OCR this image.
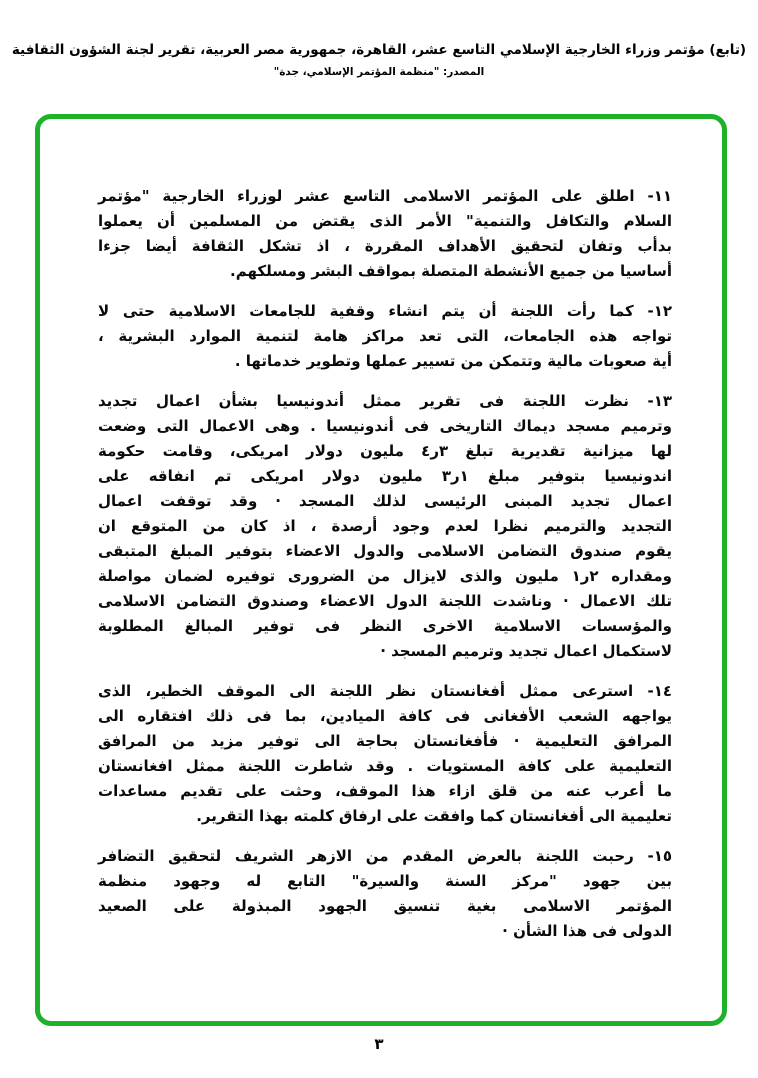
(تابع) مؤتمر وزراء الخارجية الإسلامي التاسع عشر، القاهرة، جمهورية مصر العربية، تقرير لجنة الشؤون الثقافية
المصدر: "منظمة المؤتمر الإسلامي، جدة"
١١- اطلق على المؤتمر الاسلامى التاسع عشر لوزراء الخارجية "مؤتمر
السلام والتكافل والتنمية" الأمر الذى يقتض من المسلمين أن يعملوا
بدأب وتفان لتحقيق الأهداف المقررة ، اذ تشكل الثقافة أيضا جزءا
أساسيا من جميع الأنشطة المتصلة بمواقف البشر ومسلكهم.
١٢- كما رأت اللجنة أن يتم انشاء وقفية للجامعات الاسلامية حتى لا
تواجه هذه الجامعات، التى تعد مراكز هامة لتنمية الموارد البشرية ،
أية صعوبات مالية وتتمكن من تسيير عملها وتطوير خدماتها .
١٣- نظرت اللجنة فى تقرير ممثل أندونيسيا بشأن اعمال تجديد
وترميم مسجد ديماك التاريخى فى أندونيسيا . وهى الاعمال التى وضعت
لها ميزانية تقديرية تبلغ ٣ر٤ مليون دولار امريكى، وقامت حكومة
اندونيسيا بتوفير مبلغ ١ر٣ مليون دولار امريكى تم انفاقه على
اعمال تجديد المبنى الرئيسى لذلك المسجد · وقد توقفت اعمال
التجديد والترميم نظرا لعدم وجود أرصدة ، اذ كان من المتوقع ان
يقوم صندوق التضامن الاسلامى والدول الاعضاء بتوفير المبلغ المتبقى
ومقداره ٢ر١ مليون والذى لايزال من الضرورى توفيره لضمان مواصلة
تلك الاعمال · وناشدت اللجنة الدول الاعضاء وصندوق التضامن الاسلامى
والمؤسسات الاسلامية الاخرى النظر فى توفير المبالغ المطلوبة
لاستكمال اعمال تجديد وترميم المسجد ·
١٤- استرعى ممثل أفغانستان نظر اللجنة الى الموقف الخطير، الذى
يواجهه الشعب الأفغانى فى كافة الميادين، بما فى ذلك افتقاره الى
المرافق التعليمية · فأفغانستان بحاجة الى توفير مزيد من المرافق
التعليمية على كافة المستويات . وقد شاطرت اللجنة ممثل افغانستان
ما أعرب عنه من قلق ازاء هذا الموقف، وحثت على تقديم مساعدات
تعليمية الى أفغانستان كما وافقت على ارفاق كلمته بهذا التقرير.
١٥- رحبت اللجنة بالعرض المقدم من الازهر الشريف لتحقيق التضافر
بين جهود "مركز السنة والسيرة" التابع له وجهود منظمة
المؤتمر الاسلامى بغية تنسيق الجهود المبذولة على الصعيد
الدولى فى هذا الشأن ·
٣
